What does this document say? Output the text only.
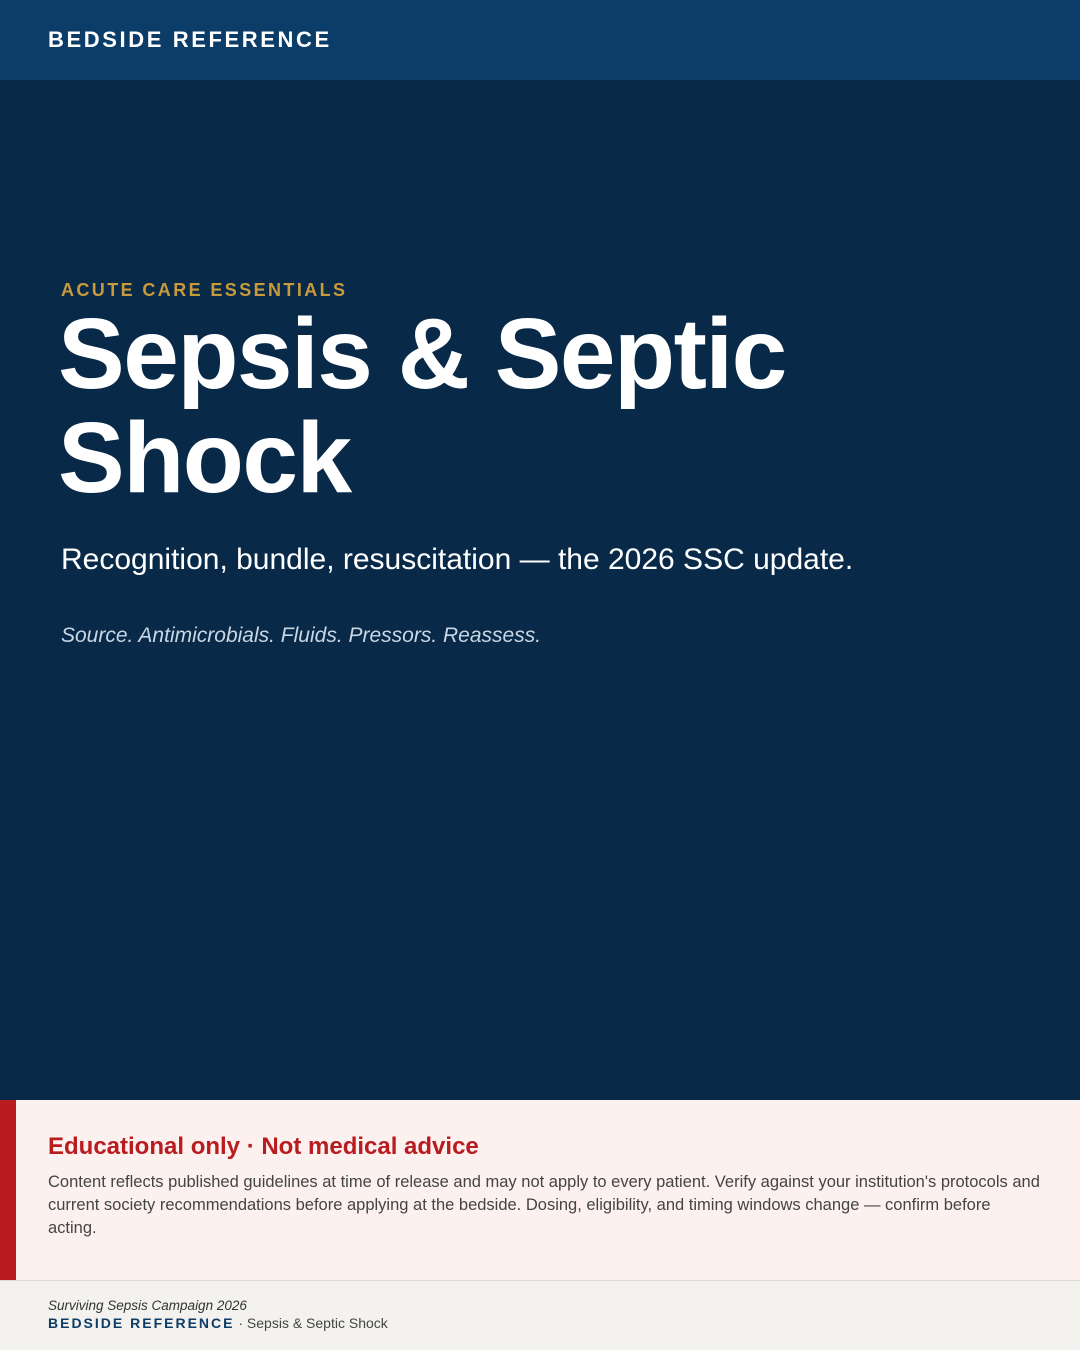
BEDSIDE REFERENCE
ACUTE CARE ESSENTIALS
Sepsis & Septic
Shock

Recognition, bundle, resuscitation — the 2026 SSC update.

Source. Antimicrobials. Fluids. Pressors. Reassess.

Educational only · Not medical advice

Content reflects published guidelines at time of release and may not apply to every patient. Verify against your institution's protocols and current society recommendations before applying at the bedside. Dosing, eligibility, and timing windows change — confirm before acting.

Surviving Sepsis Campaign 2026
BEDSIDE REFERENCE · Sepsis & Septic Shock
